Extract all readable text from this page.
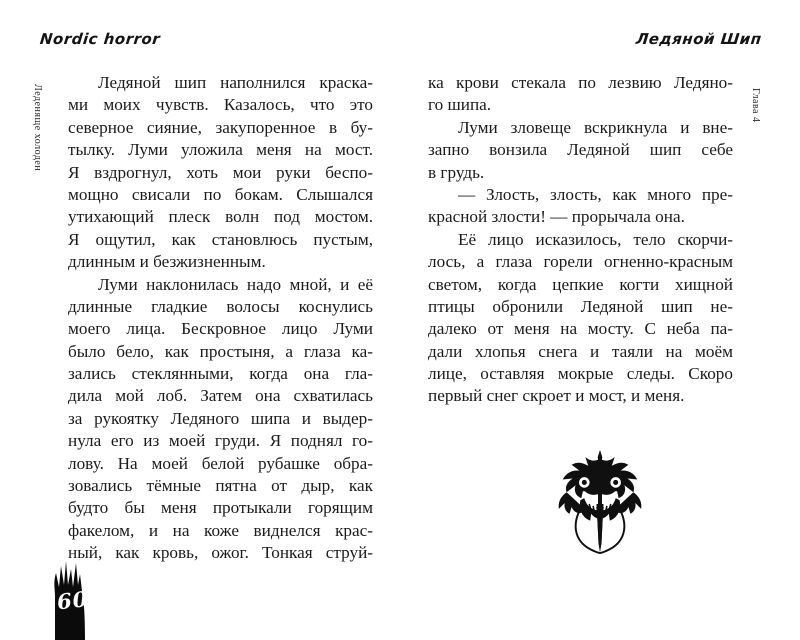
Nordic horror	Ледяной Шип
Леденяще холоден	Глава 4
Ледяной шип наполнился краска-
ми моих чувств. Казалось, что это
северное сияние, закупоренное в бу-
тылку. Луми уложила меня на мост.
Я вздрогнул, хоть мои руки беспо-
мощно свисали по бокам. Слышался
утихающий плеск волн под мостом.
Я ощутил, как становлюсь пустым,
длинным и безжизненным.
Луми наклонилась надо мной, и её
длинные гладкие волосы коснулись
моего лица. Бескровное лицо Луми
было бело, как простыня, а глаза ка-
зались стеклянными, когда она гла-
дила мой лоб. Затем она схватилась
за рукоятку Ледяного шипа и выдер-
нула его из моей груди. Я поднял го-
лову. На моей белой рубашке обра-
зовались тёмные пятна от дыр, как
будто бы меня протыкали горящим
факелом, и на коже виднелся крас-
ный, как кровь, ожог. Тонкая струй-
ка крови стекала по лезвию Ледяно-
го шипа.
Луми зловеще вскрикнула и вне-
запно вонзила Ледяной шип себе
в грудь.
— Злость, злость, как много пре-
красной злости! — прорычала она.
Её лицо исказилось, тело скорчи-
лось, а глаза горели огненно-красным
светом, когда цепкие когти хищной
птицы обронили Ледяной шип не-
далеко от меня на мосту. С неба па-
дали хлопья снега и таяли на моём
лице, оставляя мокрые следы. Скоро
первый снег скроет и мост, и меня.
60
